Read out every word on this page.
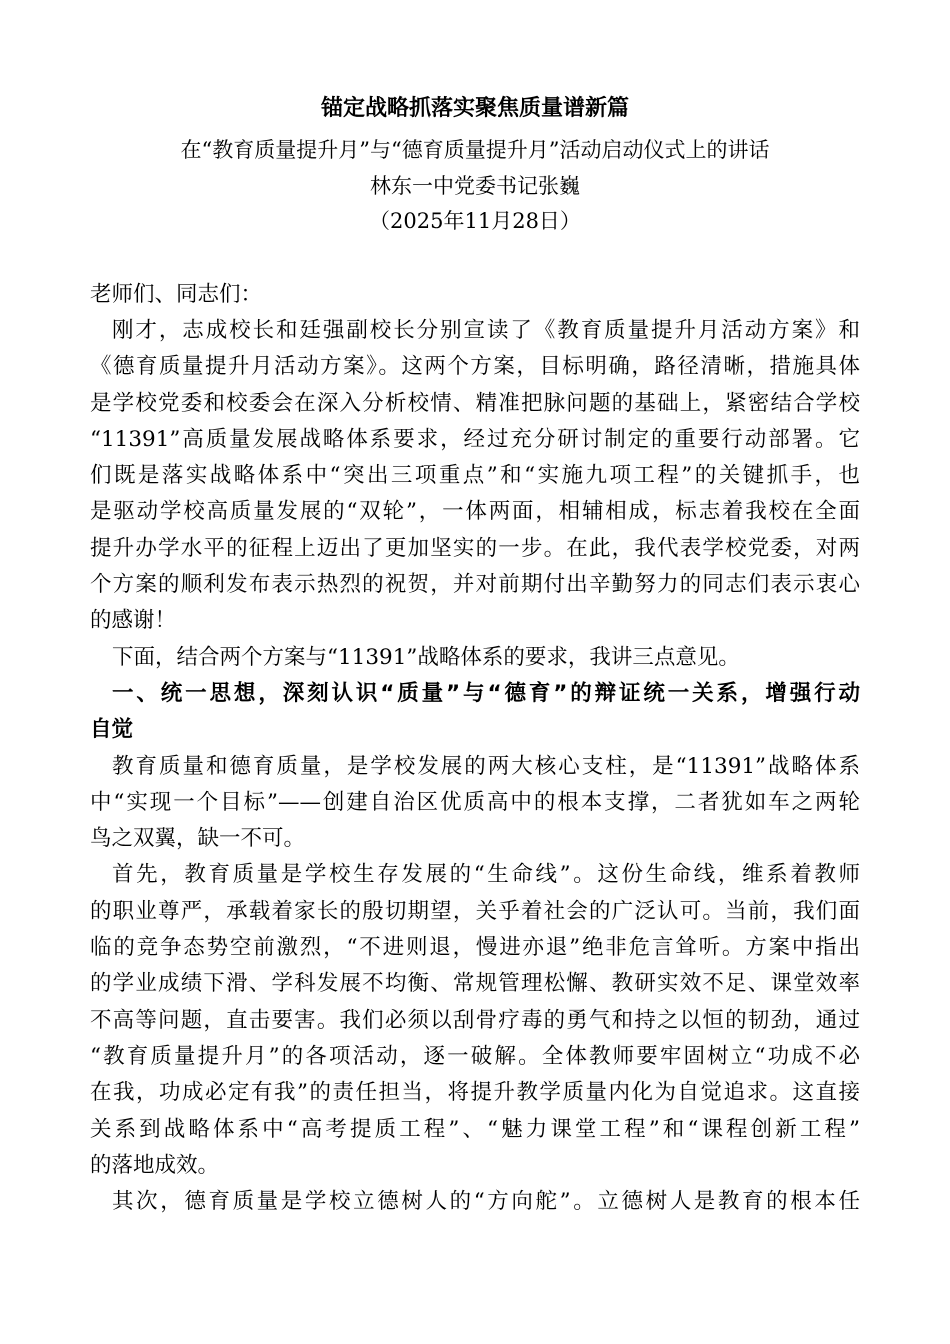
锚定战略抓落实聚焦质量谱新篇
在“教育质量提升月”与“德育质量提升月”活动启动仪式上的讲话
林东一中党委书记张巍
（2025年11月28日）
老师们、同志们：
刚才，志成校长和廷强副校长分别宣读了《教育质量提升月活动方案》和
《德育质量提升月活动方案》。这两个方案，目标明确，路径清晰，措施具体
是学校党委和校委会在深入分析校情、精准把脉问题的基础上，紧密结合学校
“11391”高质量发展战略体系要求，经过充分研讨制定的重要行动部署。它
们既是落实战略体系中“突出三项重点”和“实施九项工程”的关键抓手，也
是驱动学校高质量发展的“双轮”，一体两面，相辅相成，标志着我校在全面
提升办学水平的征程上迈出了更加坚实的一步。在此，我代表学校党委，对两
个方案的顺利发布表示热烈的祝贺，并对前期付出辛勤努力的同志们表示衷心
的感谢！
下面，结合两个方案与“11391”战略体系的要求，我讲三点意见。
一、统一思想，深刻认识“质量”与“德育”的辩证统一关系，增强行动
自觉
教育质量和德育质量，是学校发展的两大核心支柱，是“11391”战略体系
中“实现一个目标”——创建自治区优质高中的根本支撑，二者犹如车之两轮
鸟之双翼，缺一不可。
首先，教育质量是学校生存发展的“生命线”。这份生命线，维系着教师
的职业尊严，承载着家长的殷切期望，关乎着社会的广泛认可。当前，我们面
临的竞争态势空前激烈，“不进则退，慢进亦退”绝非危言耸听。方案中指出
的学业成绩下滑、学科发展不均衡、常规管理松懈、教研实效不足、课堂效率
不高等问题，直击要害。我们必须以刮骨疗毒的勇气和持之以恒的韧劲，通过
“教育质量提升月”的各项活动，逐一破解。全体教师要牢固树立“功成不必
在我，功成必定有我”的责任担当，将提升教学质量内化为自觉追求。这直接
关系到战略体系中“高考提质工程”、“魅力课堂工程”和“课程创新工程”
的落地成效。
其次，德育质量是学校立德树人的“方向舵”。立德树人是教育的根本任
